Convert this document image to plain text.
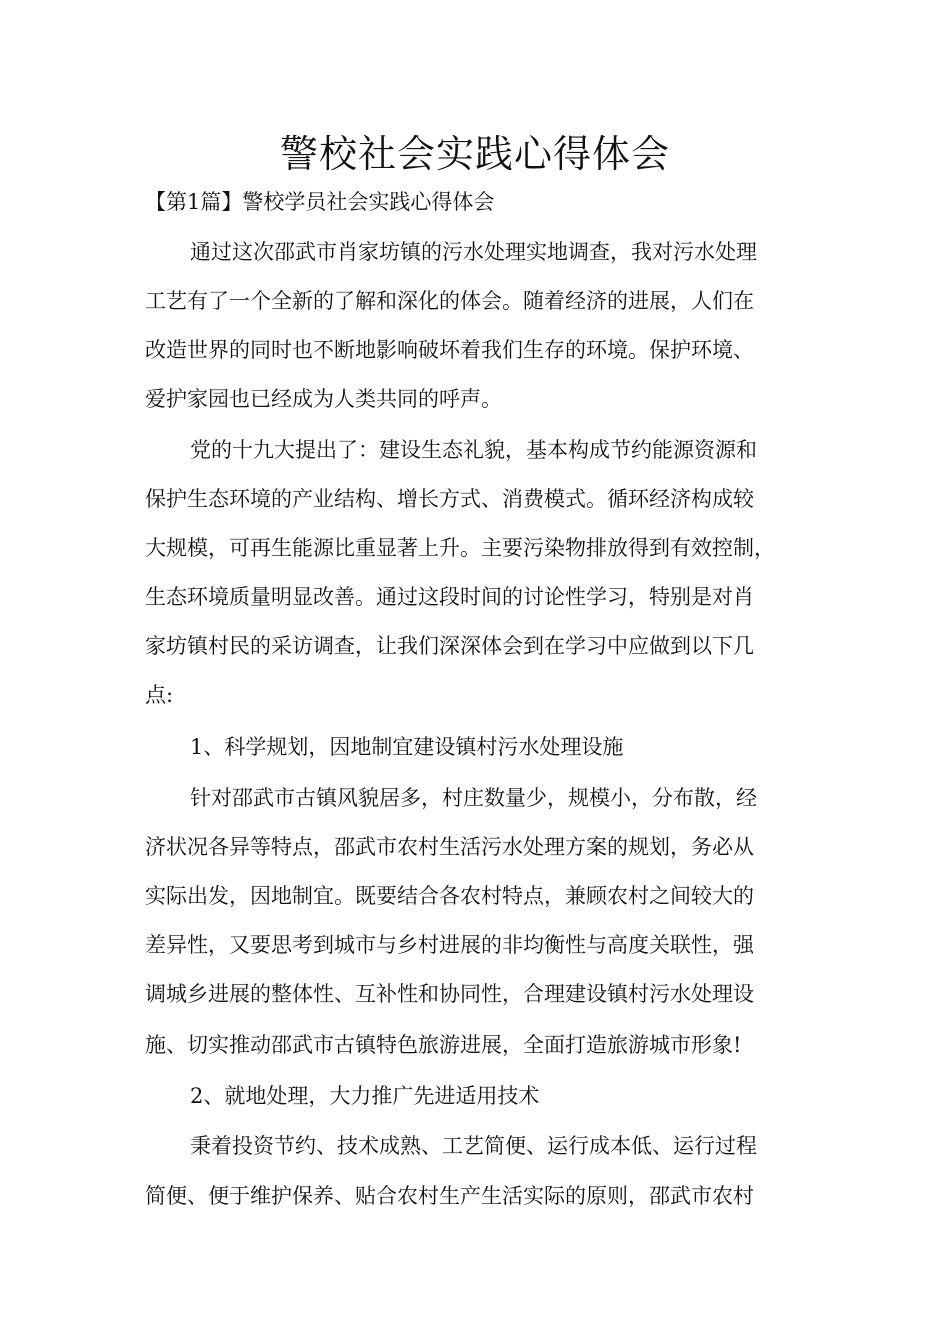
警校社会实践心得体会
【第1篇】警校学员社会实践心得体会

通过这次邵武市肖家坊镇的污水处理实地调查，我对污水处理

工艺有了一个全新的了解和深化的体会。随着经济的进展，人们在

改造世界的同时也不断地影响破坏着我们生存的环境。保护环境、

爱护家园也已经成为人类共同的呼声。

党的十九大提出了：建设生态礼貌，基本构成节约能源资源和

保护生态环境的产业结构、增长方式、消费模式。循环经济构成较

大规模，可再生能源比重显著上升。主要污染物排放得到有效控制，

生态环境质量明显改善。通过这段时间的讨论性学习，特别是对肖

家坊镇村民的采访调查，让我们深深体会到在学习中应做到以下几

点:

1、科学规划，因地制宜建设镇村污水处理设施

针对邵武市古镇风貌居多，村庄数量少，规模小，分布散，经

济状况各异等特点，邵武市农村生活污水处理方案的规划，务必从

实际出发，因地制宜。既要结合各农村特点，兼顾农村之间较大的

差异性，又要思考到城市与乡村进展的非均衡性与高度关联性，强

调城乡进展的整体性、互补性和协同性，合理建设镇村污水处理设

施、切实推动邵武市古镇特色旅游进展，全面打造旅游城市形象!

2、就地处理，大力推广先进适用技术

秉着投资节约、技术成熟、工艺简便、运行成本低、运行过程

简便、便于维护保养、贴合农村生产生活实际的原则，邵武市农村
